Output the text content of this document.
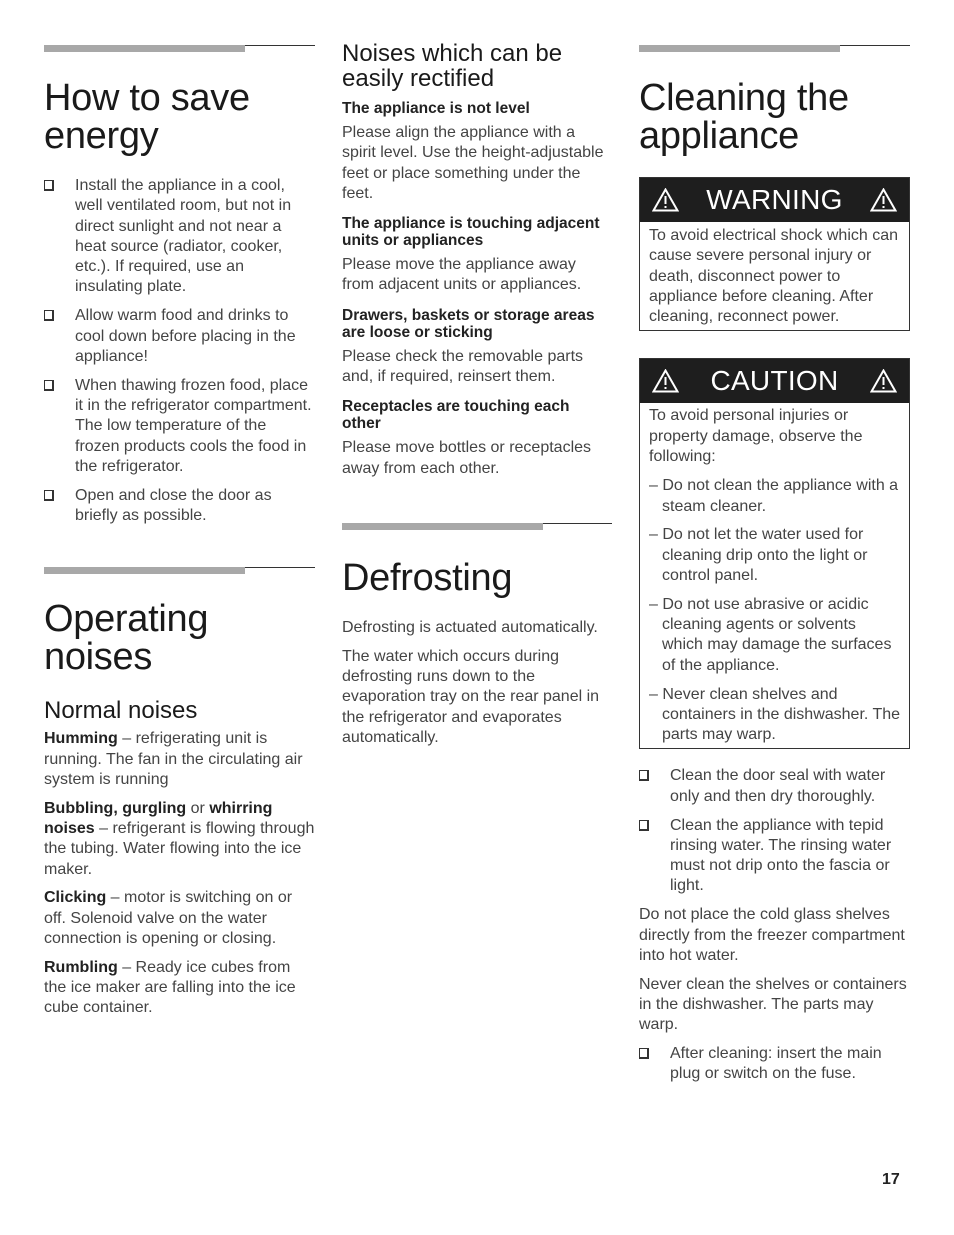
How to save energy
Install the appliance in a cool, well ventilated room, but not in direct sunlight and not near a heat source (radiator, cooker, etc.). If required, use an insulating plate.
Allow warm food and drinks to cool down before placing in the appliance!
When thawing frozen food, place it in the refrigerator compartment. The low temperature of the frozen products cools the food in the refrigerator.
Open and close the door as briefly as possible.
Operating noises
Normal noises

Humming – refrigerating unit is running. The fan in the circulating air system is running

Bubbling, gurgling or whirring noises – refrigerant is flowing through the tubing. Water flowing into the ice maker.

Clicking – motor is switching on or off. Solenoid valve on the water connection is opening or closing.

Rumbling – Ready ice cubes from the ice maker are falling into the ice cube container.

Noises which can be easily rectified
The appliance is not level

Please align the appliance with a spirit level. Use the height-adjustable feet or place something under the feet.

The appliance is touching adjacent units or appliances

Please move the appliance away from adjacent units or appliances.

Drawers, baskets or storage areas are loose or sticking

Please check the removable parts and, if required, reinsert them.

Receptacles are touching each other

Please move bottles or receptacles away from each other.

Defrosting

Defrosting is actuated automatically.

The water which occurs during defrosting runs down to the evaporation tray on the rear panel in the refrigerator and evaporates automatically.

Cleaning the appliance
WARNING

To avoid electrical shock which can cause severe personal injury or death, disconnect power to appliance before cleaning. After cleaning, reconnect power.

CAUTION

To avoid personal injuries or property damage, observe the following:

– Do not clean the appliance with a steam cleaner.
– Do not let the water used for cleaning drip onto the light or control panel.
– Do not use abrasive or acidic cleaning agents or solvents which may damage the surfaces of the appliance.
– Never clean shelves and containers in the dishwasher. The parts may warp.
Clean the door seal with water only and then dry thoroughly.
Clean the appliance with tepid rinsing water. The rinsing water must not drip onto the fascia or light.

Do not place the cold glass shelves directly from the freezer compartment into hot water.

Never clean the shelves or containers in the dishwasher. The parts may warp.

After cleaning: insert the main plug or switch on the fuse.
17
